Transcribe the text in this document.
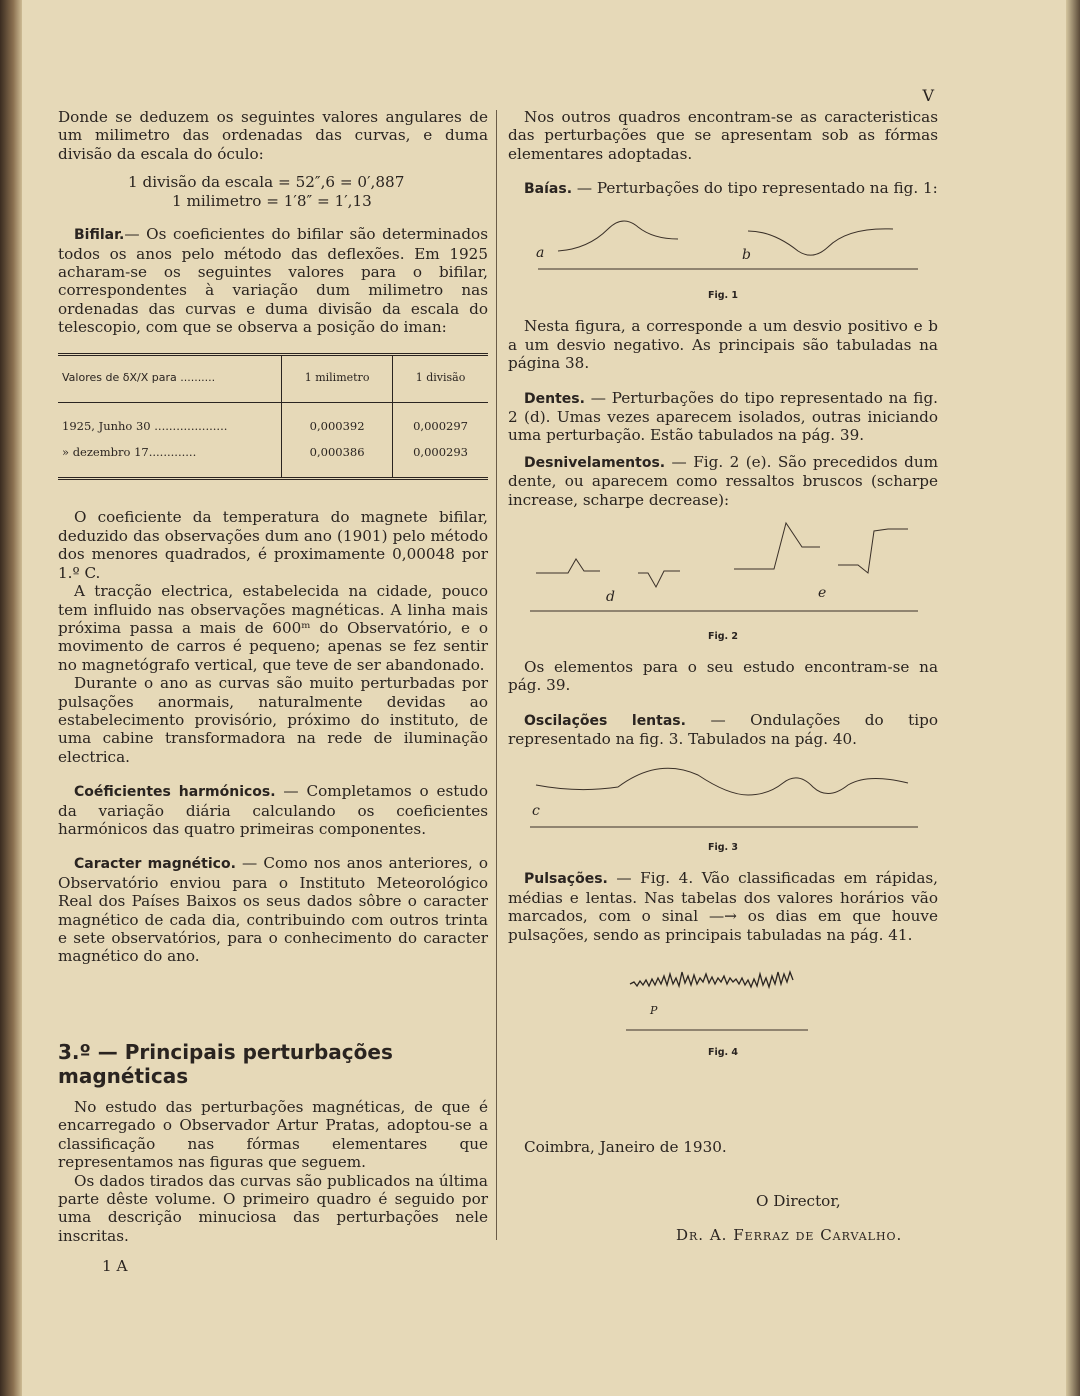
V

Donde se deduzem os seguintes valores angulares de um milimetro das ordenadas das curvas, e duma divisão da escala do óculo:

1 divisão da escala = 52″,6 = 0′,887
1 milimetro = 1′8″ = 1′,13

Bifilar.— Os coeficientes do bifilar são determinados todos os anos pelo método das deflexões. Em 1925 acharam-se os seguintes valores para o bifilar, correspondentes à variação dum milimetro nas ordenadas das curvas e duma divisão da escala do telescopio, com que se observa a posição do iman:

Valores de δX/X para ..........	1 milimetro	1 divisão
1925, Junho 30 ....................	0,000392	0,000297
» dezembro 17.............	0,000386	0,000293

O coeficiente da temperatura do magnete bifilar, deduzido das observações dum ano (1901) pelo método dos menores quadrados, é proximamente 0,00048 por 1.º C.

A tracção electrica, estabelecida na cidade, pouco tem influido nas observações magnéticas. A linha mais próxima passa a mais de 600ᵐ do Observatório, e o movimento de carros é pequeno; apenas se fez sentir no magnetógrafo vertical, que teve de ser abandonado.

Durante o ano as curvas são muito perturbadas por pulsações anormais, naturalmente devidas ao estabelecimento provisório, próximo do instituto, de uma cabine transformadora na rede de iluminação electrica.

Coéficientes harmónicos. — Completamos o estudo da variação diária calculando os coeficientes harmónicos das quatro primeiras componentes.

Caracter magnético. — Como nos anos anteriores, o Observatório enviou para o Instituto Meteorológico Real dos Países Baixos os seus dados sôbre o caracter magnético de cada dia, contribuindo com outros trinta e sete observatórios, para o conhecimento do caracter magnético do ano.

3.º — Principais perturbações magnéticas

No estudo das perturbações magnéticas, de que é encarregado o Observador Artur Pratas, adoptou-se a classificação nas fórmas elementares que representamos nas figuras que seguem.

Os dados tirados das curvas são publicados na última parte dêste volume. O primeiro quadro é seguido por uma descrição minuciosa das perturbações nele inscritas.

1 A

Nos outros quadros encontram-se as caracteristicas das perturbações que se apresentam sob as fórmas elementares adoptadas.

Baías. — Perturbações do tipo representado na fig. 1:

a	b
Fig. 1

Nesta figura, a corresponde a um desvio positivo e b a um desvio negativo. As principais são tabuladas na página 38.

Dentes. — Perturbações do tipo representado na fig. 2 (d). Umas vezes aparecem isolados, outras iniciando uma perturbação. Estão tabulados na pág. 39.

Desnivelamentos. — Fig. 2 (e). São precedidos dum dente, ou aparecem como ressaltos bruscos (scharpe increase, scharpe decrease):

d	e
Fig. 2

Os elementos para o seu estudo encontram-se na pág. 39.

Oscilações lentas. — Ondulações do tipo representado na fig. 3. Tabulados na pág. 40.

c
Fig. 3

Pulsações. — Fig. 4. Vão classificadas em rápidas, médias e lentas. Nas tabelas dos valores horários vão marcados, com o sinal —→ os dias em que houve pulsações, sendo as principais tabuladas na pág. 41.

P
Fig. 4
Coimbra, Janeiro de 1930.
O Director,
Dr. A. Ferraz de Carvalho.
